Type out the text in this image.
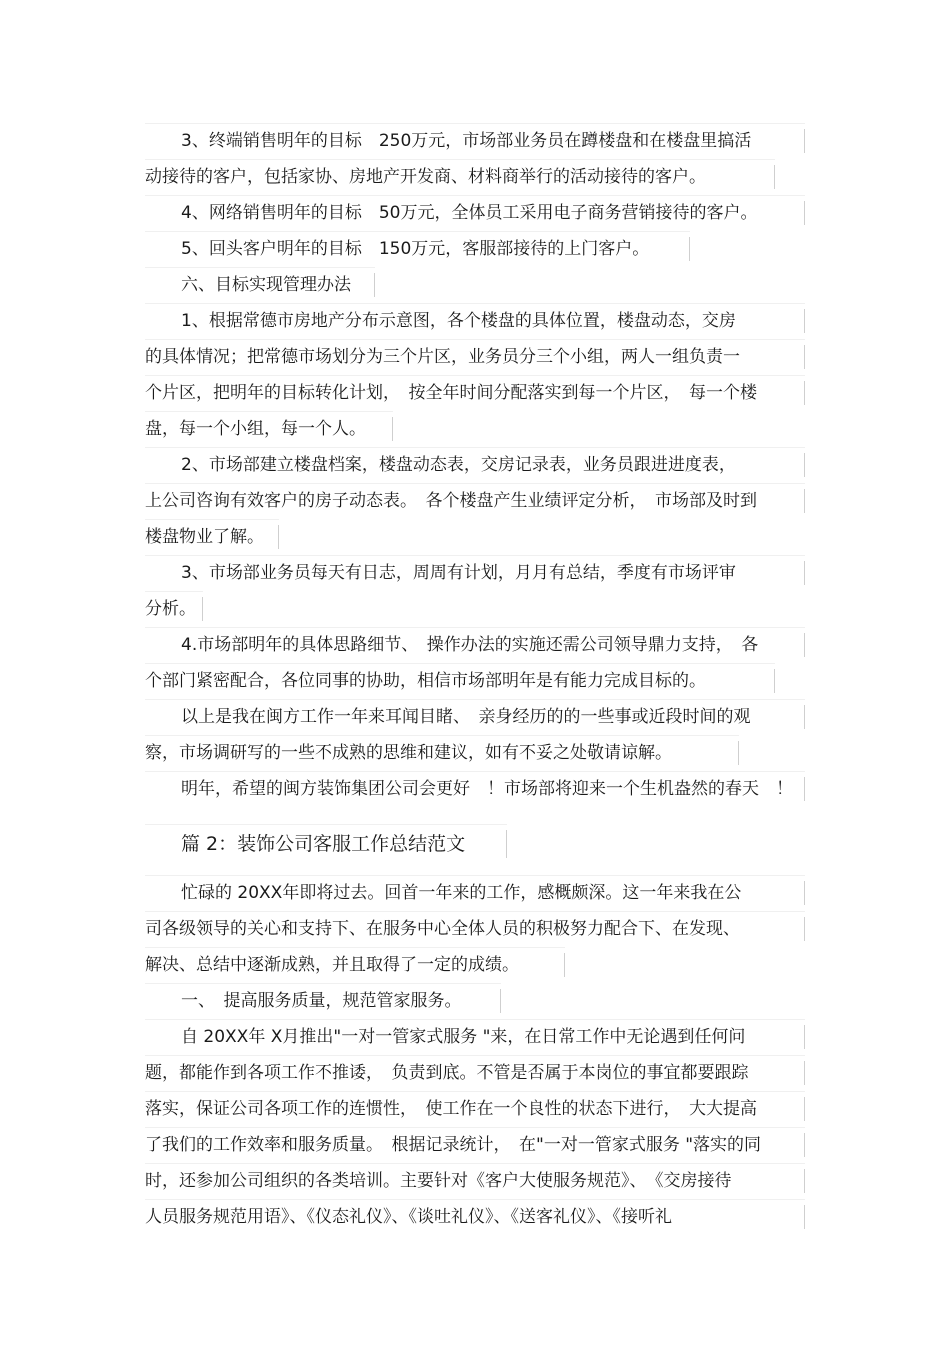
3、终端销售明年的目标　250万元，市场部业务员在蹲楼盘和在楼盘里搞活
动接待的客户，包括家协、房地产开发商、材料商举行的活动接待的客户。
4、网络销售明年的目标　50万元，全体员工采用电子商务营销接待的客户。
5、回头客户明年的目标　150万元，客服部接待的上门客户。
六、目标实现管理办法
1、根据常德市房地产分布示意图，各个楼盘的具体位置，楼盘动态，交房
的具体情况；把常德市场划分为三个片区，业务员分三个小组，两人一组负责一
个片区，把明年的目标转化计划，　按全年时间分配落实到每一个片区，　每一个楼
盘，每一个小组，每一个人。
2、市场部建立楼盘档案，楼盘动态表，交房记录表，业务员跟进进度表，
上公司咨询有效客户的房子动态表。　各个楼盘产生业绩评定分析，　市场部及时到
楼盘物业了解。
3、市场部业务员每天有日志，周周有计划，月月有总结，季度有市场评审
分析。
4.市场部明年的具体思路细节、　操作办法的实施还需公司领导鼎力支持，　各
个部门紧密配合，各位同事的协助，相信市场部明年是有能力完成目标的。
以上是我在闽方工作一年来耳闻目睹、　亲身经历的的一些事或近段时间的观
察，市场调研写的一些不成熟的思维和建议，如有不妥之处敬请谅解。
明年，希望的闽方装饰集团公司会更好　！市场部将迎来一个生机盎然的春天　！
篇 2：装饰公司客服工作总结范文
忙碌的 20XX年即将过去。回首一年来的工作，感概颇深。这一年来我在公
司各级领导的关心和支持下、在服务中心全体人员的积极努力配合下、在发现、
解决、总结中逐渐成熟，并且取得了一定的成绩。
一、　提高服务质量，规范管家服务。
自 20XX年 X月推出"一对一管家式服务 "来，在日常工作中无论遇到任何问
题，都能作到各项工作不推诿，　负责到底。不管是否属于本岗位的事宜都要跟踪
落实，保证公司各项工作的连惯性，　使工作在一个良性的状态下进行，　大大提高
了我们的工作效率和服务质量。　根据记录统计，　在"一对一管家式服务 "落实的同
时，还参加公司组织的各类培训。主要针对《客户大使服务规范》、　《交房接待
人员服务规范用语》、《仪态礼仪》、《谈吐礼仪》、《送客礼仪》、《接听礼
